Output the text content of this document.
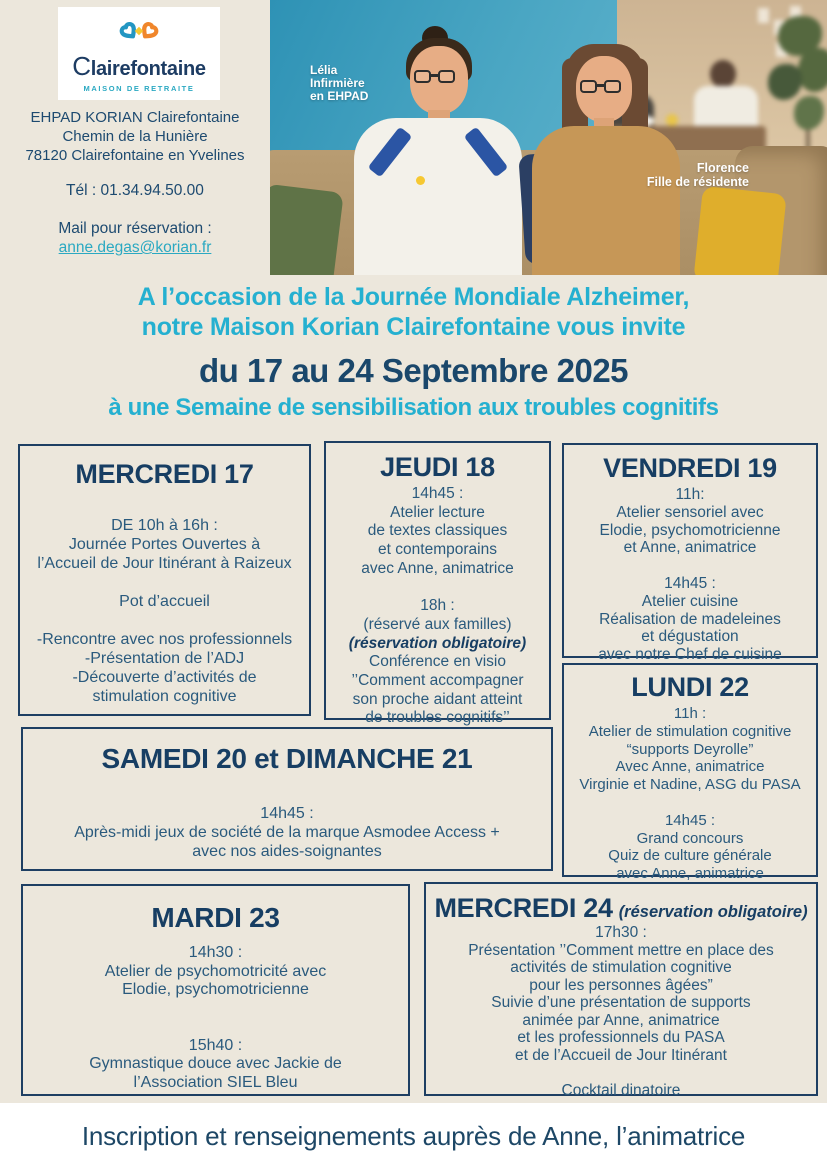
Clairefontaine
MAISON DE RETRAITE
EHPAD KORIAN Clairefontaine
Chemin de la Hunière
78120 Clairefontaine en Yvelines
Tél : 01.34.94.50.00
Mail pour réservation :
anne.degas@korian.fr
Lélia
Infirmière
en EHPAD
Florence
Fille de résidente
A l’occasion de la Journée Mondiale Alzheimer,
notre Maison Korian Clairefontaine vous invite
du 17 au 24 Septembre 2025
à une Semaine de sensibilisation aux troubles cognitifs
MERCREDI 17
DE 10h à 16h :
Journée Portes Ouvertes à
l’Accueil de Jour Itinérant à Raizeux
Pot d’accueil
-Rencontre avec nos professionnels
-Présentation de l’ADJ
-Découverte d’activités de
stimulation cognitive
JEUDI 18
14h45 :
Atelier lecture
de textes classiques
et contemporains
avec Anne, animatrice
18h :
(réservé aux familles)
(réservation obligatoire)
Conférence en visio
’’Comment accompagner
son proche aidant atteint
de troubles cognitifs’’
VENDREDI 19
11h:
Atelier sensoriel avec
Elodie, psychomotricienne
et Anne, animatrice
14h45 :
Atelier cuisine
Réalisation de madeleines
et dégustation
avec notre Chef de cuisine
LUNDI 22
11h :
Atelier de stimulation cognitive
“supports Deyrolle”
Avec Anne, animatrice
Virginie et Nadine, ASG du PASA
14h45 :
Grand concours
Quiz de culture générale
avec Anne, animatrice
SAMEDI 20 et DIMANCHE 21
14h45 :
Après-midi jeux de société de la marque Asmodee Access +
avec nos aides-soignantes
MARDI 23
14h30 :
Atelier de psychomotricité avec
Elodie, psychomotricienne
15h40 :
Gymnastique douce avec Jackie de
l’Association SIEL Bleu
MERCREDI 24 (réservation obligatoire)
17h30 :
Présentation ’’Comment mettre en place des
activités de stimulation cognitive
pour les personnes âgées”
Suivie d’une présentation de supports
animée par Anne, animatrice
et les professionnels du PASA
et de l’Accueil de Jour Itinérant
Cocktail dinatoire
Inscription et renseignements auprès de Anne, l’animatrice
